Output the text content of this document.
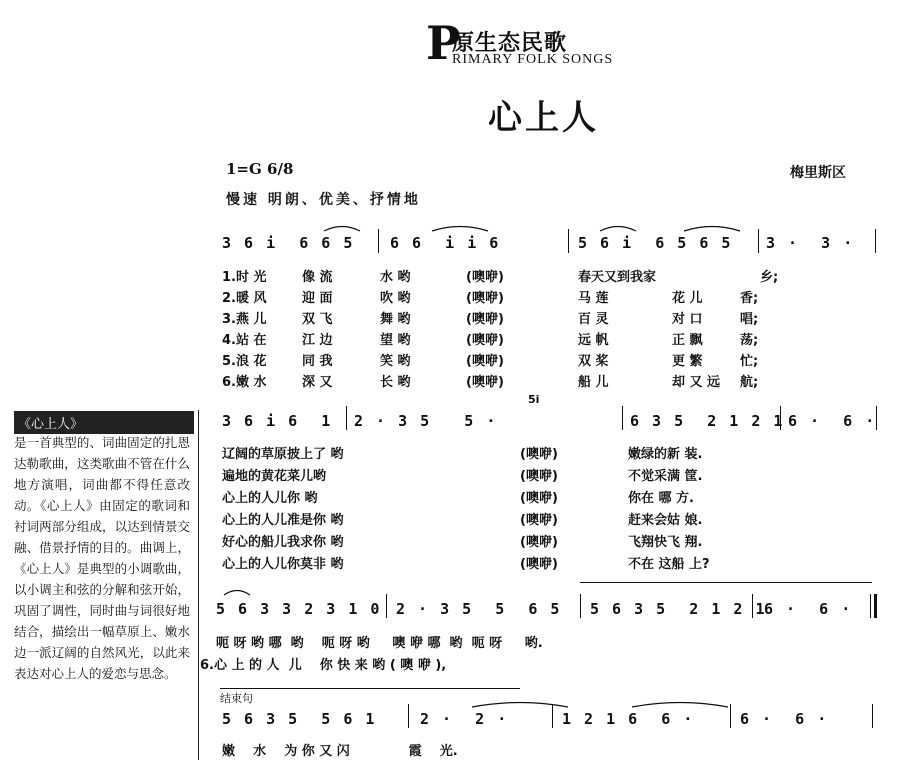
P
原生态民歌
RIMARY FOLK SONGS
心上人
1=G 6/8	梅里斯区
慢速 明朗、优美、抒情地
3 6 i  6 6 5 6 6  i i 6	5 6 i  6 5 6 5 3 ·  3 ·
1.时 光	像 流	水 哟	(噢咿)	春天又到我家	乡;
2.暖 风	迎 面	吹 哟	(噢咿)	马 莲	花 儿	香;
3.燕 儿	双 飞	舞 哟	(噢咿)	百 灵	对 口	唱;
4.站 在	江 边	望 哟	(噢咿)	远 帆	正 飘	荡;
5.浪 花	同 我	笑 哟	(噢咿)	双 桨	更 繁	忙;
6.嫩 水	深 又	长 哟	(噢咿)	船 儿	却 又 远 航;
《心上人》
是一首典型的、词曲固定的扎恩达勒歌曲，这类歌曲不管在什么地方演唱，词曲都不得任意改动。《心上人》由固定的歌词和衬词两部分组成，以达到情景交融、借景抒情的目的。曲调上，《心上人》是典型的小调歌曲，以小调主和弦的分解和弦开始，巩固了调性，同时曲与词很好地结合，描绘出一幅草原上、嫩水边一派辽阔的自然风光，以此来表达对心上人的爱恋与思念。
5i
3 6 i 6  1 2 · 3 5   5 ·	6 3 5  2 1 2 1 6 ·  6 ·
辽阔的草原披上了 哟	(噢咿)	嫩绿的新 装.
遍地的黄花菜儿哟	(噢咿)	不觉采满 筐.
心上的人儿你 哟	(噢咿)	你在 哪 方.
心上的人儿准是你 哟	(噢咿)	赶来会姑 娘.
好心的船儿我求你 哟	(噢咿)	飞翔快飞 翔.
心上的人儿你莫非 哟	(噢咿)	不在 这船 上?
5 6 3 3 2 3 1 0 2 · 3 5  5  6 5 5 6 3 5  2 1 2 1
6 ·  6 ·
呃 呀 哟 哪  哟    呃 呀 哟     噢 咿 哪  哟  呃 呀     哟.
6.心 上 的 人  儿    你 快 来 哟 ( 噢 咿 ),
结束句
5 6 3 5  5 6 1	2 ·  2 ·	1 2 1 6  6 ·	6 ·  6 ·
嫩    水    为 你 又 闪             霞    光.
